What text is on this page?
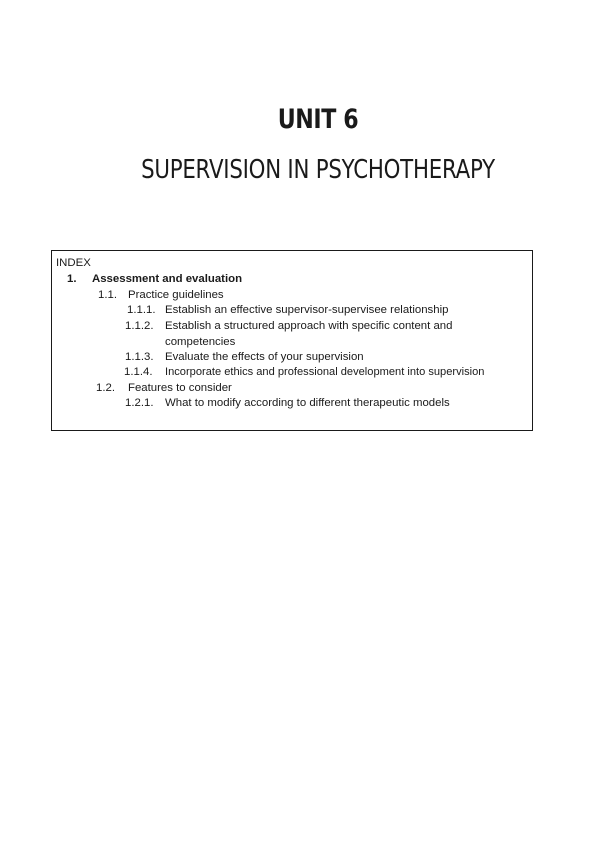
UNIT 6
SUPERVISION IN PSYCHOTHERAPY
INDEX
1. Assessment and evaluation
1.1. Practice guidelines
1.1.1. Establish an effective supervisor-supervisee relationship
1.1.2. Establish a structured approach with specific content and competencies
1.1.3. Evaluate the effects of your supervision
1.1.4. Incorporate ethics and professional development into supervision
1.2. Features to consider
1.2.1. What to modify according to different therapeutic models
